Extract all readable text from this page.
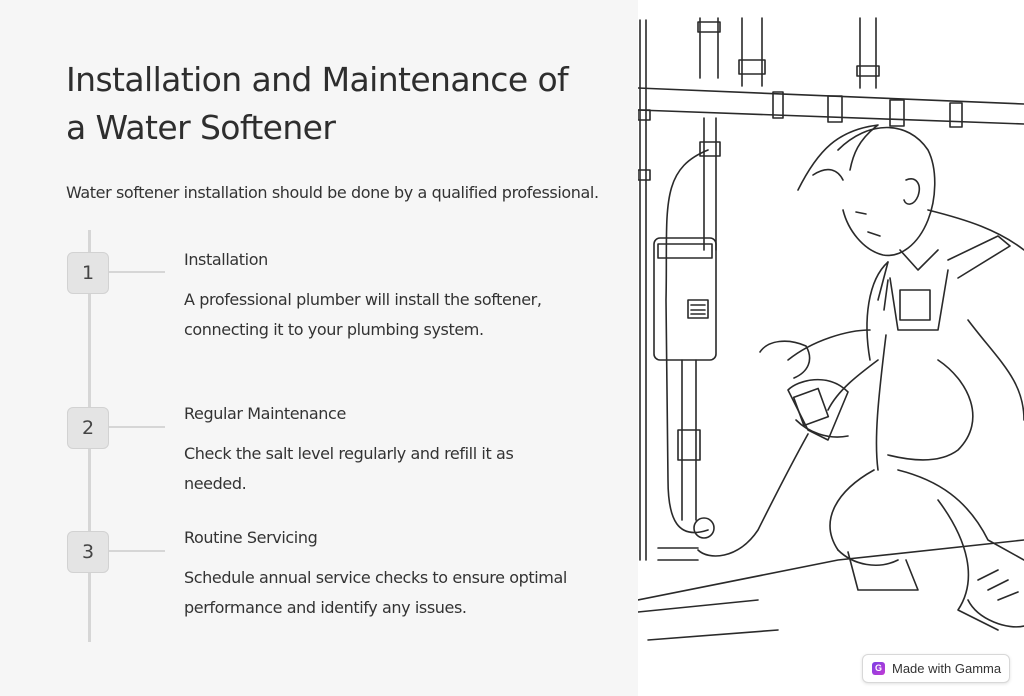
Installation and Maintenance of a Water Softener

Water softener installation should be done by a qualified professional.

1
Installation
A professional plumber will install the softener, connecting it to your plumbing system.
2
Regular Maintenance
Check the salt level regularly and refill it as needed.
3
Routine Servicing
Schedule annual service checks to ensure optimal performance and identify any issues.
G Made with Gamma
